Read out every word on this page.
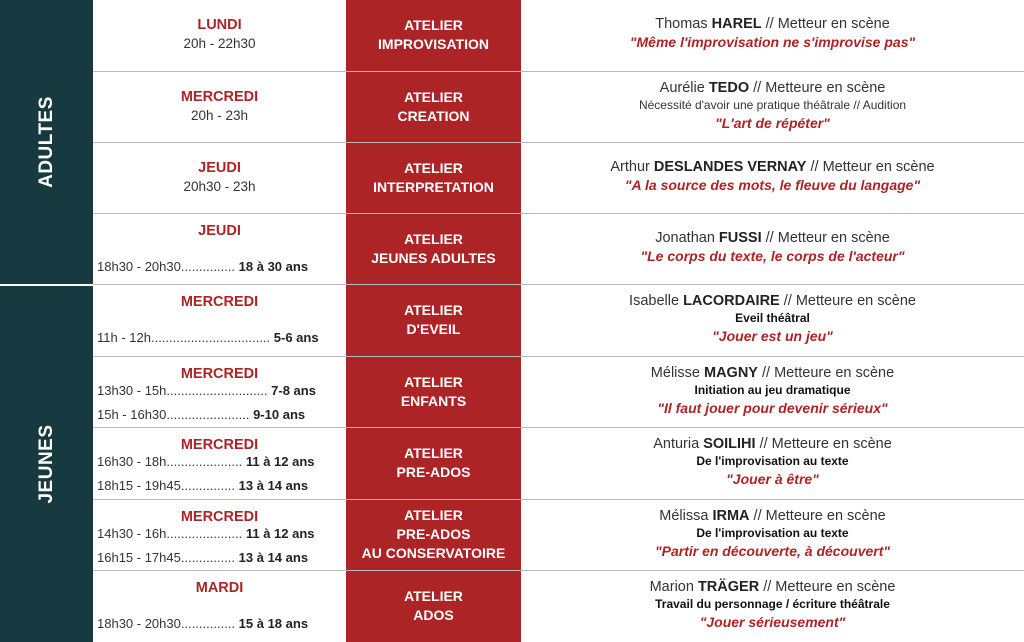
ADULTES
JEUNES
LUNDI
20h - 22h30
ATELIER
IMPROVISATION
Thomas HAREL // Metteur en scène
"Même l'improvisation ne s'improvise pas"
MERCREDI
20h - 23h
ATELIER
CREATION
Aurélie TEDO // Metteure en scène
Nécessité d'avoir une pratique théâtrale // Audition
"L'art de répéter"
JEUDI
20h30 - 23h
ATELIER
INTERPRETATION
Arthur DESLANDES VERNAY // Metteur en scène
"A la source des mots, le fleuve du langage"
JEUDI
18h30 - 20h30............... 18 à 30 ans
ATELIER
JEUNES ADULTES
Jonathan FUSSI // Metteur en scène
"Le corps du texte, le corps de l'acteur"
MERCREDI
11h - 12h................................. 5-6 ans
ATELIER
D'EVEIL
Isabelle LACORDAIRE // Metteure en scène
Eveil théâtral
"Jouer est un jeu"
MERCREDI
13h30 - 15h............................ 7-8 ans
15h - 16h30....................... 9-10 ans
ATELIER
ENFANTS
Mélisse MAGNY // Metteure en scène
Initiation au jeu dramatique
"Il faut jouer pour devenir sérieux"
MERCREDI
16h30 - 18h..................... 11 à 12 ans
18h15 - 19h45............... 13 à 14 ans
ATELIER
PRE-ADOS
Anturia SOILIHI // Metteure en scène
De l'improvisation au texte
"Jouer à être"
MERCREDI
14h30 - 16h..................... 11 à 12 ans
16h15 - 17h45............... 13 à 14 ans
ATELIER
PRE-ADOS
AU CONSERVATOIRE
Mélissa IRMA // Metteure en scène
De l'improvisation au texte
"Partir en découverte, à découvert"
MARDI
18h30 - 20h30............... 15 à 18 ans
ATELIER
ADOS
Marion TRÄGER // Metteure en scène
Travail du personnage / écriture théâtrale
"Jouer sérieusement"
